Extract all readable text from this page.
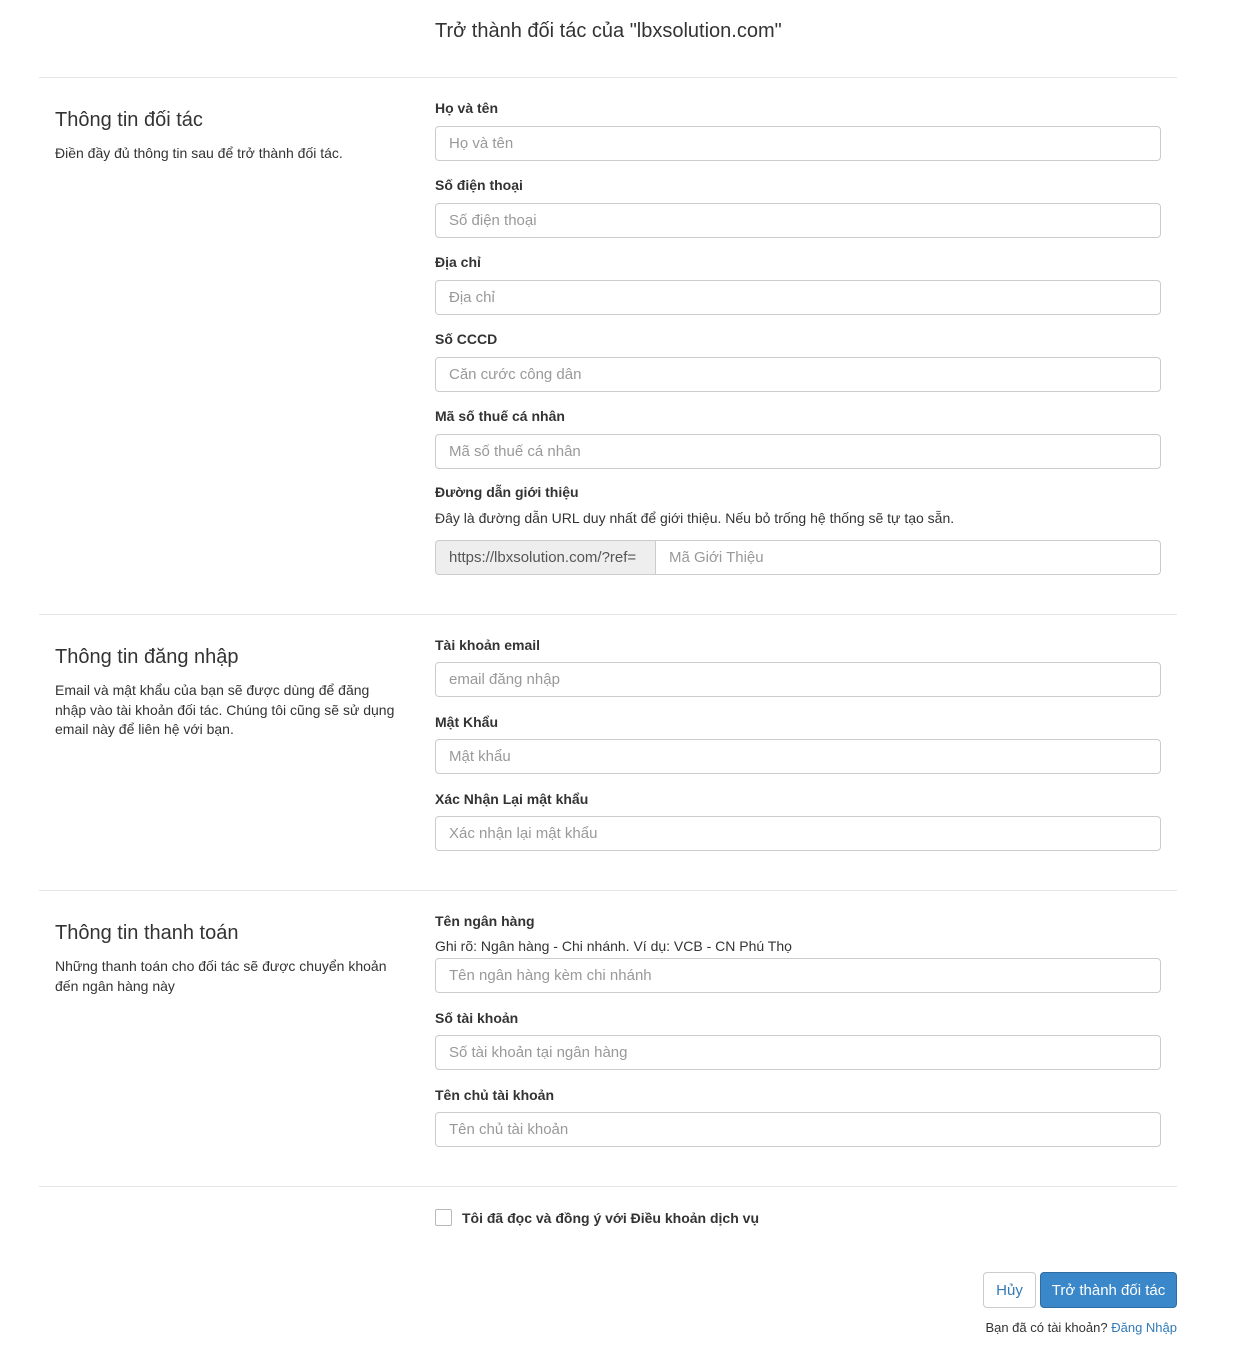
Trở thành đối tác của "lbxsolution.com"
Thông tin đối tác

Điền đầy đủ thông tin sau để trở thành đối tác.

Họ và tên
Họ và tên
Số điện thoại
Số điện thoại
Địa chỉ
Địa chỉ
Số CCCD
Căn cước công dân
Mã số thuế cá nhân
Mã số thuế cá nhân
Đường dẫn giới thiệu
Đây là đường dẫn URL duy nhất để giới thiệu. Nếu bỏ trống hệ thống sẽ tự tạo sẵn.
https://lbxsolution.com/?ref=
Mã Giới Thiệu
Thông tin đăng nhập

Email và mật khẩu của bạn sẽ được dùng để đăng nhập vào tài khoản đối tác. Chúng tôi cũng sẽ sử dụng email này để liên hệ với bạn.

Tài khoản email
email đăng nhập
Mật Khẩu
Xác Nhận Lại mật khẩu
Thông tin thanh toán

Những thanh toán cho đối tác sẽ được chuyển khoản đến ngân hàng này

Tên ngân hàng
Ghi rõ: Ngân hàng - Chi nhánh. Ví dụ: VCB - CN Phú Thọ
Tên ngân hàng kèm chi nhánh
Số tài khoản
Số tài khoản tại ngân hàng
Tên chủ tài khoản
Tên chủ tài khoản
Tôi đã đọc và đồng ý với Điều khoản dịch vụ
Hủy	Trở thành đối tác
Bạn đã có tài khoản? Đăng Nhập
